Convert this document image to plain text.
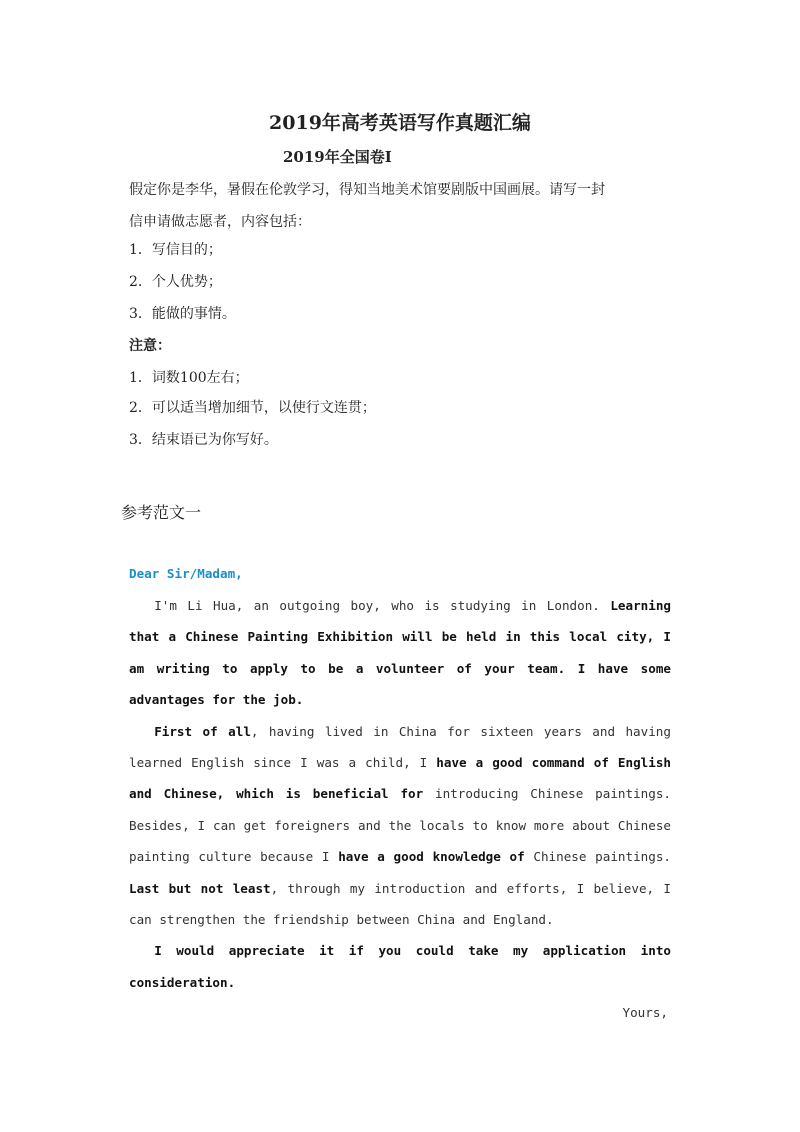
2019年高考英语写作真题汇编
2019年全国卷Ⅰ
假定你是李华，暑假在伦敦学习，得知当地美术馆要剧版中国画展。请写一封
信申请做志愿者，内容包括：
1．写信目的；
2．个人优势；
3．能做的事情。
注意：
1．词数100左右；
2．可以适当增加细节，以使行文连贯；
3．结束语已为你写好。
参考范文一
Dear Sir/Madam,

I'm Li Hua, an outgoing boy, who is studying in London. Learning that a Chinese Painting Exhibition will be held in this local city, I am writing to apply to be a volunteer of your team. I have some advantages for the job.

First of all, having lived in China for sixteen years and having learned English since I was a child, I have a good command of English and Chinese, which is beneficial for introducing Chinese paintings. Besides, I can get foreigners and the locals to know more about Chinese painting culture because I have a good knowledge of Chinese paintings. Last but not least, through my introduction and efforts, I believe, I can strengthen the friendship between China and England.

I would appreciate it if you could take my application into consideration.

Yours,
